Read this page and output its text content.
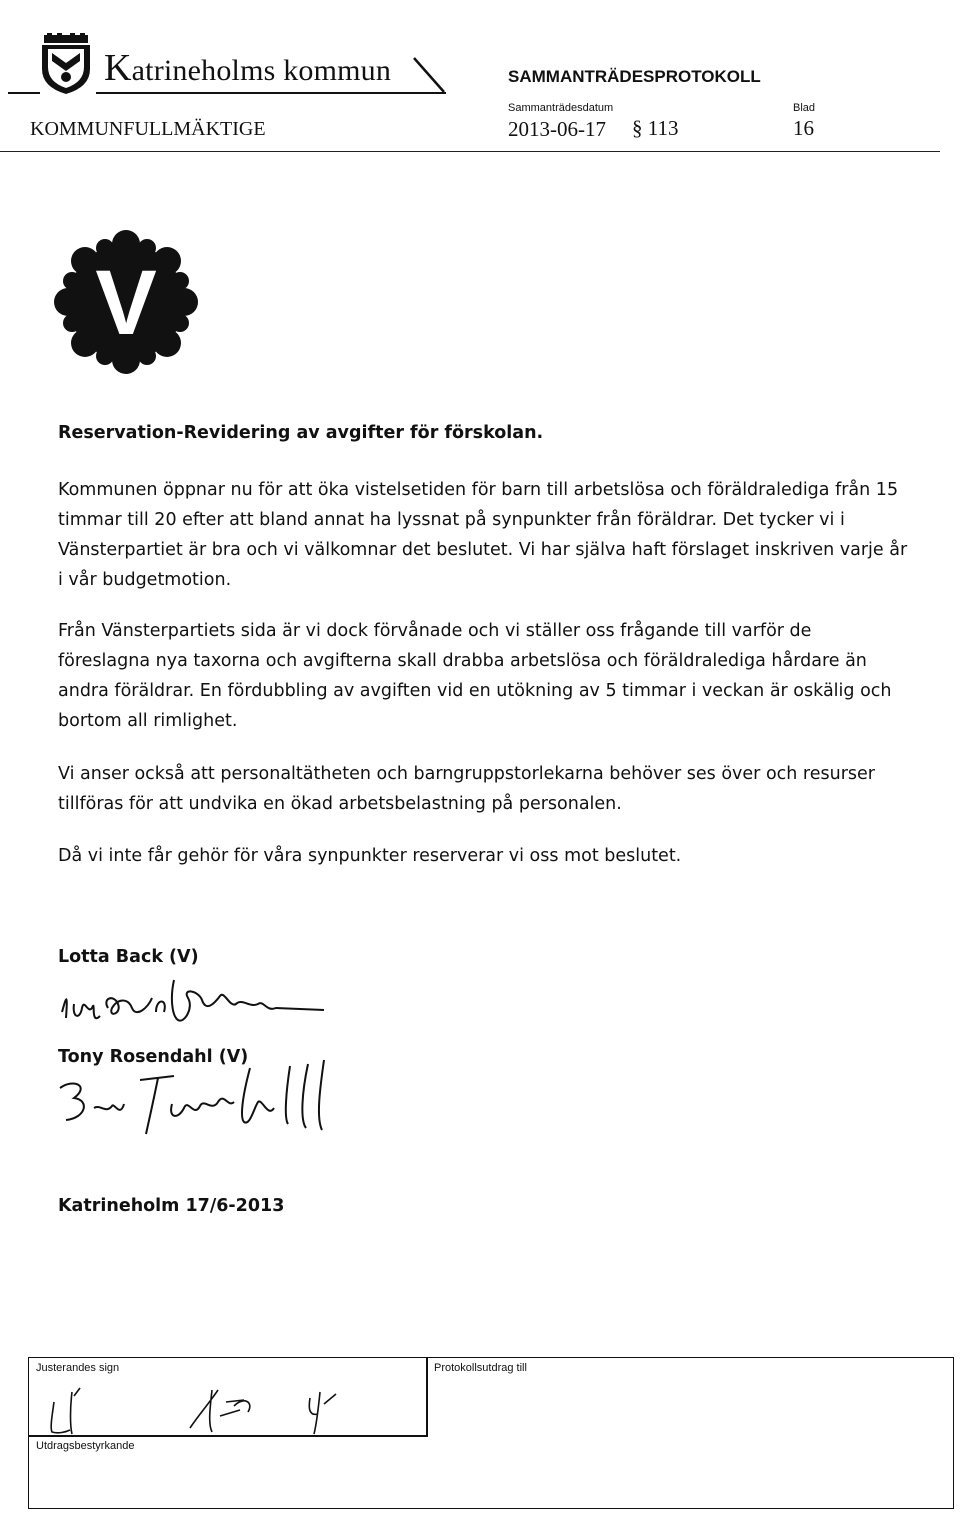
Katrineholms kommun	SAMMANTRÄDESPROTOKOLL
Sammanträdesdatum	Blad
KOMMUNFULLMÄKTIGE	2013-06-17 § 113	16
V
Reservation-Revidering av avgifter för förskolan.
Kommunen öppnar nu för att öka vistelsetiden för barn till arbetslösa och föräldralediga från 15 timmar till 20 efter att bland annat ha lyssnat på synpunkter från föräldrar. Det tycker vi i Vänsterpartiet är bra och vi välkomnar det beslutet. Vi har själva haft förslaget inskriven varje år i vår budgetmotion.
Från Vänsterpartiets sida är vi dock förvånade och vi ställer oss frågande till varför de föreslagna nya taxorna och avgifterna skall drabba arbetslösa och föräldralediga hårdare än andra föräldrar. En fördubbling av avgiften vid en utökning av 5 timmar i veckan är oskälig och bortom all rimlighet.
Vi anser också att personaltätheten och barngruppstorlekarna behöver ses över och resurser tillföras för att undvika en ökad arbetsbelastning på personalen.
Då vi inte får gehör för våra synpunkter reserverar vi oss mot beslutet.
Lotta Back (V)
Tony Rosendahl (V)
Katrineholm 17/6-2013
Justerandes sign	Protokollsutdrag till
Utdragsbestyrkande
